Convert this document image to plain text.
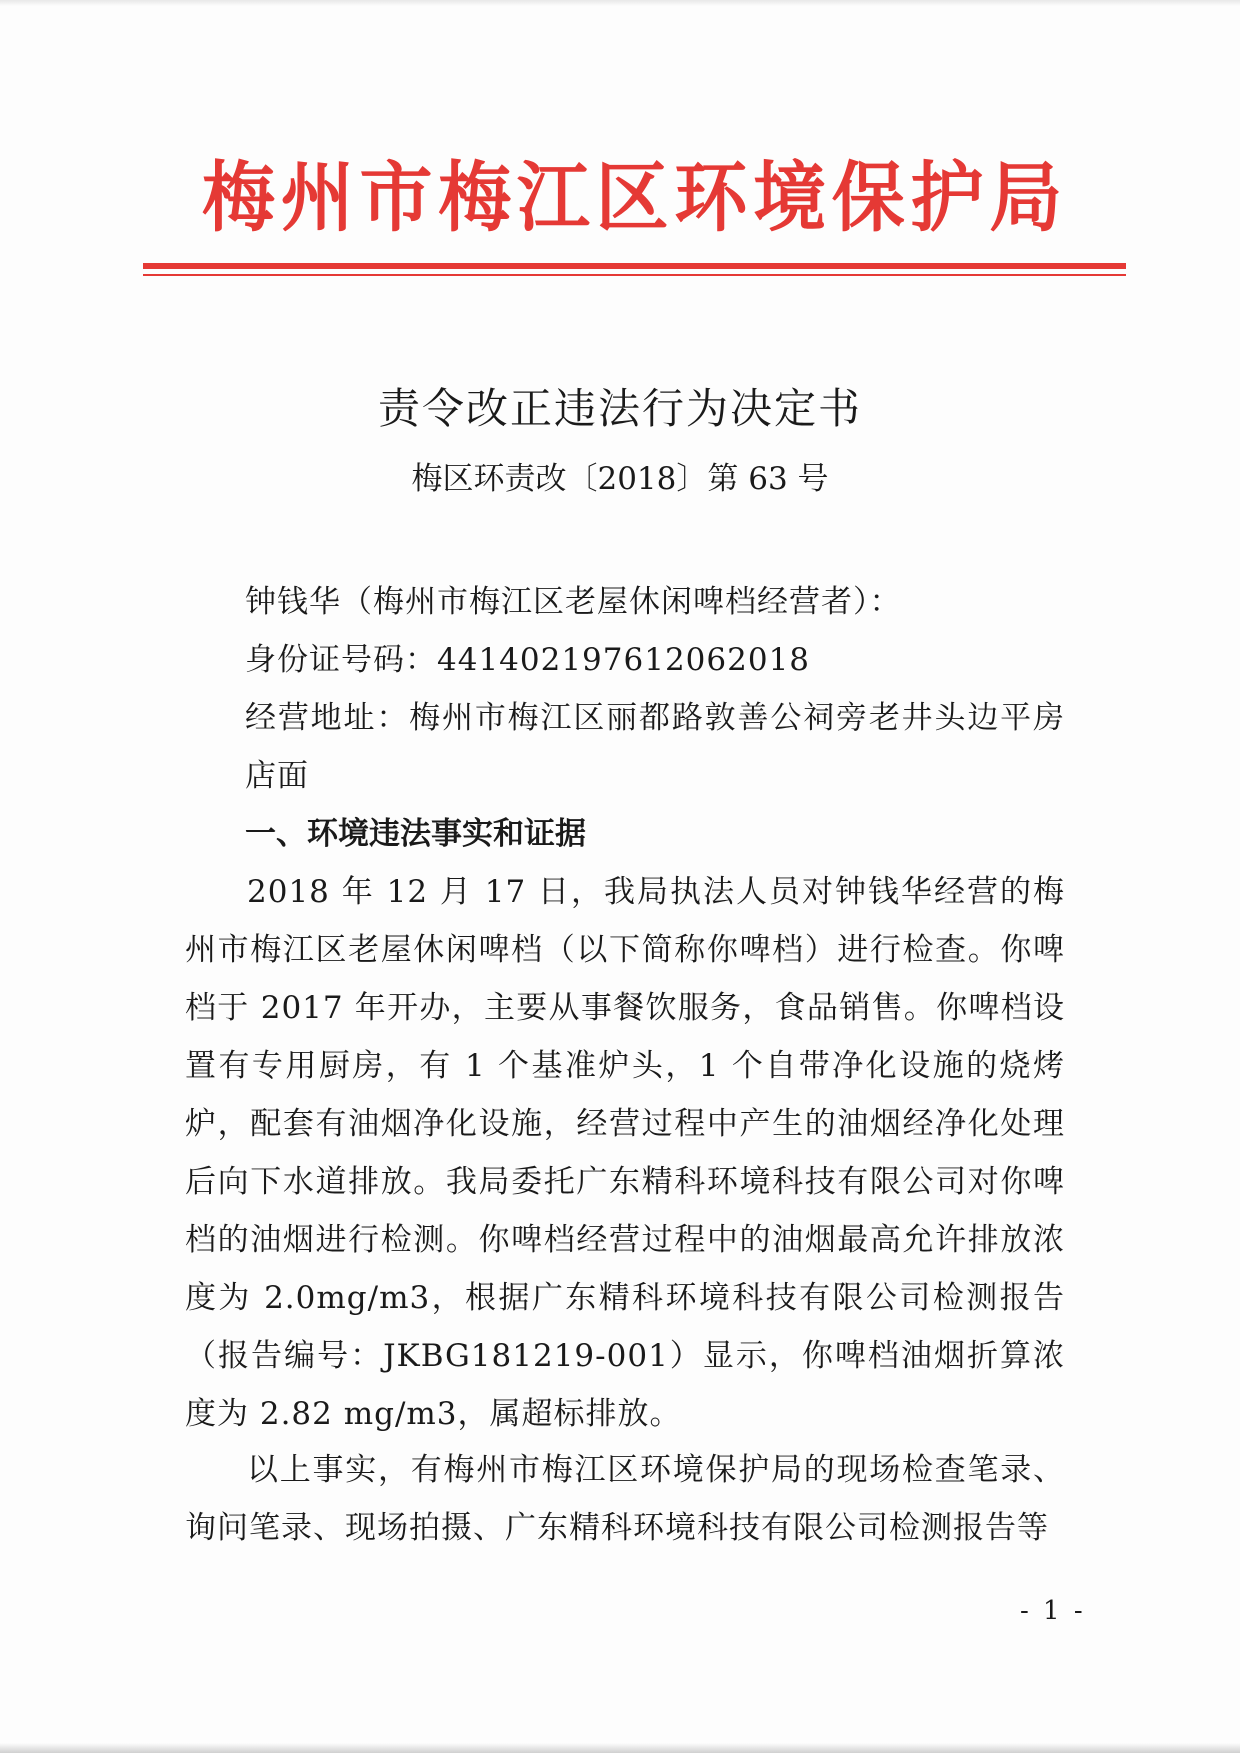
梅州市梅江区环境保护局
责令改正违法行为决定书
梅区环责改〔2018〕第 63 号

钟钱华（梅州市梅江区老屋休闲啤档经营者）：

身份证号码：441402197612062018

经营地址：梅州市梅江区丽都路敦善公祠旁老井头边平房店面

一、环境违法事实和证据

2018 年 12 月 17 日，我局执法人员对钟钱华经营的梅州市梅江区老屋休闲啤档（以下简称你啤档）进行检查。你啤档于 2017 年开办，主要从事餐饮服务，食品销售。你啤档设置有专用厨房，有 1 个基准炉头，1 个自带净化设施的烧烤炉，配套有油烟净化设施，经营过程中产生的油烟经净化处理后向下水道排放。我局委托广东精科环境科技有限公司对你啤档的油烟进行检测。你啤档经营过程中的油烟最高允许排放浓度为 2.0mg/m3，根据广东精科环境科技有限公司检测报告（报告编号：JKBG181219-001）显示，你啤档油烟折算浓度为 2.82 mg/m3，属超标排放。

以上事实，有梅州市梅江区环境保护局的现场检查笔录、询问笔录、现场拍摄、广东精科环境科技有限公司检测报告等

- 1 -
